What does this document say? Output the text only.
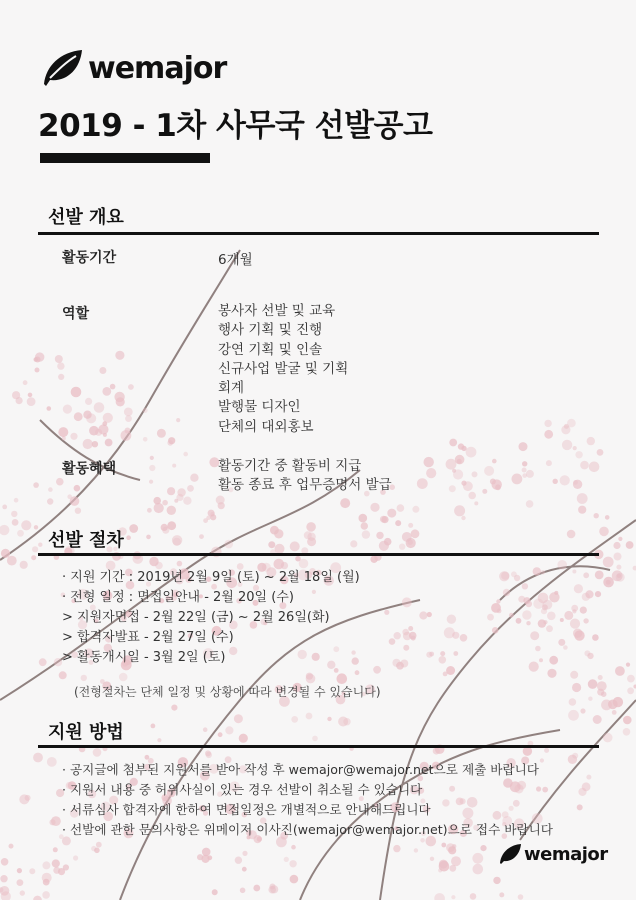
wemajor
2019 - 1차 사무국 선발공고
선발 개요
활동기간	6개월
역할	봉사자 선발 및 교육
행사 기획 및 진행
강연 기획 및 인솔
신규사업 발굴 및 기획
회계
발행물 디자인
단체의 대외홍보
활동혜택	활동기간 중 활동비 지급
활동 종료 후 업무증명서 발급
선발 절차
· 지원 기간 : 2019년 2월 9일 (토) ~ 2월 18일 (월)
· 전형 일정 : 면접일안내 - 2월 20일 (수)
> 지원자면접 - 2월 22일 (금) ~ 2월 26일(화)
> 합격자발표 - 2월 27일 (수)
> 활동개시일 - 3월 2일 (토)
(전형절차는 단체 일정 및 상황에 따라 변경될 수 있습니다)
지원 방법
· 공지글에 첨부된 지원서를 받아 작성 후 wemajor@wemajor.net으로 제출 바랍니다
· 지원서 내용 중 허위사실이 있는 경우 선발이 취소될 수 있습니다
· 서류심사 합격자에 한하여 면접일정은 개별적으로 안내해드립니다
· 선발에 관한 문의사항은 위메이저 이사진(wemajor@wemajor.net)으로 접수 바랍니다
wemajor
